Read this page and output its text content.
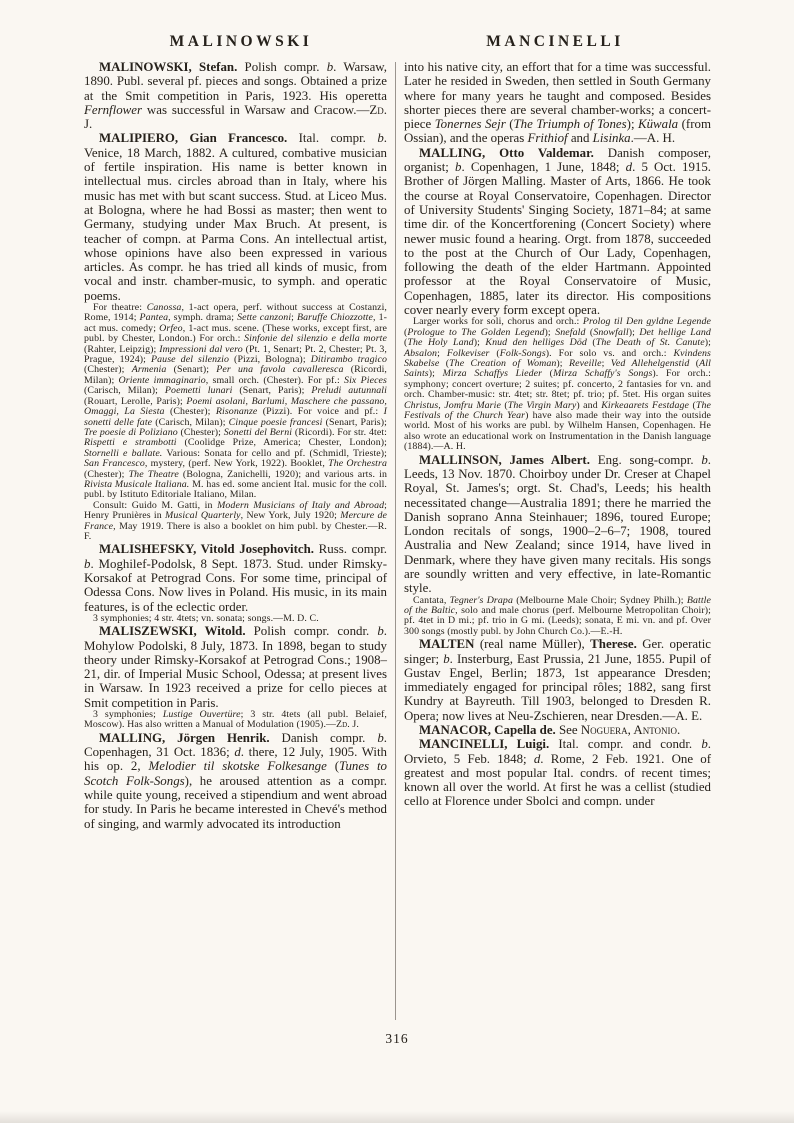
MALINOWSKI	MANCINELLI

MALINOWSKI, Stefan. Polish compr. b. Warsaw, 1890. Publ. several pf. pieces and songs. Obtained a prize at the Smit competition in Paris, 1923. His operetta Fernflower was successful in Warsaw and Cracow.—Zd. J.

MALIPIERO, Gian Francesco. Ital. compr. b. Venice, 18 March, 1882. A cultured, combative musician of fertile inspiration. His name is better known in intellectual mus. circles abroad than in Italy, where his music has met with but scant success. Stud. at Liceo Mus. at Bologna, where he had Bossi as master; then went to Germany, studying under Max Bruch. At present, is teacher of compn. at Parma Cons. An intellectual artist, whose opinions have also been expressed in various articles. As compr. he has tried all kinds of music, from vocal and instr. chamber-music, to symph. and operatic poems.

For theatre: Canossa, 1-act opera, perf. without success at Costanzi, Rome, 1914; Pantea, symph. drama; Sette canzoni; Baruffe Chiozzotte, 1-act mus. comedy; Orfeo, 1-act mus. scene. (These works, except first, are publ. by Chester, London.) For orch.: Sinfonie del silenzio e della morte (Rahter, Leipzig); Impressioni dal vero (Pt. 1, Senart; Pt. 2, Chester; Pt. 3, Prague, 1924); Pause del silenzio (Pizzi, Bologna); Ditirambo tragico (Chester); Armenia (Senart); Per una favola cavalleresca (Ricordi, Milan); Oriente immaginario, small orch. (Chester). For pf.: Six Pieces (Carisch, Milan); Poemetti lunari (Senart, Paris); Preludi autunnali (Rouart, Lerolle, Paris); Poemi asolani, Barlumi, Maschere che passano, Omaggi, La Siesta (Chester); Risonanze (Pizzi). For voice and pf.: I sonetti delle fate (Carisch, Milan); Cinque poesie francesi (Senart, Paris); Tre poesie di Poliziano (Chester); Sonetti del Berni (Ricordi). For str. 4tet: Rispetti e strambotti (Coolidge Prize, America; Chester, London); Stornelli e ballate. Various: Sonata for cello and pf. (Schmidl, Trieste); San Francesco, mystery, (perf. New York, 1922). Booklet, The Orchestra (Chester); The Theatre (Bologna, Zanichelli, 1920); and various arts. in Rivista Musicale Italiana. M. has ed. some ancient Ital. music for the coll. publ. by Istituto Editoriale Italiano, Milan.

Consult: Guido M. Gatti, in Modern Musicians of Italy and Abroad; Henry Prunières in Musical Quarterly, New York, July 1920; Mercure de France, May 1919. There is also a booklet on him publ. by Chester.—R. F.

MALISHEFSKY, Vitold Josephovitch. Russ. compr. b. Moghilef-Podolsk, 8 Sept. 1873. Stud. under Rimsky-Korsakof at Petrograd Cons. For some time, principal of Odessa Cons. Now lives in Poland. His music, in its main features, is of the eclectic order.

3 symphonies; 4 str. 4tets; vn. sonata; songs.—M. D. C.

MALISZEWSKI, Witold. Polish compr. condr. b. Mohylow Podolski, 8 July, 1873. In 1898, began to study theory under Rimsky-Korsakof at Petrograd Cons.; 1908–21, dir. of Imperial Music School, Odessa; at present lives in Warsaw. In 1923 received a prize for cello pieces at Smit competition in Paris.

3 symphonies; Lustige Ouvertüre; 3 str. 4tets (all publ. Belaief, Moscow). Has also written a Manual of Modulation (1905).—Zd. J.

MALLING, Jörgen Henrik. Danish compr. b. Copenhagen, 31 Oct. 1836; d. there, 12 July, 1905. With his op. 2, Melodier til skotske Folkesange (Tunes to Scotch Folk-Songs), he aroused attention as a compr. while quite young, received a stipendium and went abroad for study. In Paris he became interested in Chevé's method of singing, and warmly advocated its introduction

into his native city, an effort that for a time was successful. Later he resided in Sweden, then settled in South Germany where for many years he taught and composed. Besides shorter pieces there are several chamber-works; a concert-piece Tonernes Sejr (The Triumph of Tones); Küwala (from Ossian), and the operas Frithiof and Lisinka.—A. H.

MALLING, Otto Valdemar. Danish composer, organist; b. Copenhagen, 1 June, 1848; d. 5 Oct. 1915. Brother of Jörgen Malling. Master of Arts, 1866. He took the course at Royal Conservatoire, Copenhagen. Director of University Students' Singing Society, 1871–84; at same time dir. of the Koncertforening (Concert Society) where newer music found a hearing. Orgt. from 1878, succeeded to the post at the Church of Our Lady, Copenhagen, following the death of the elder Hartmann. Appointed professor at the Royal Conservatoire of Music, Copenhagen, 1885, later its director. His compositions cover nearly every form except opera.

Larger works for soli, chorus and orch.: Prolog til Den gyldne Legende (Prologue to The Golden Legend); Snefald (Snowfall); Det hellige Land (The Holy Land); Knud den helliges Död (The Death of St. Canute); Absalon; Folkeviser (Folk-Songs). For solo vs. and orch.: Kvindens Skabelse (The Creation of Woman); Reveille; Ved Allehelgenstid (All Saints); Mirza Schaffys Lieder (Mirza Schaffy's Songs). For orch.: symphony; concert overture; 2 suites; pf. concerto, 2 fantasies for vn. and orch. Chamber-music: str. 4tet; str. 8tet; pf. trio; pf. 5tet. His organ suites Christus, Jomfru Marie (The Virgin Mary) and Kirkeaarets Festdage (The Festivals of the Church Year) have also made their way into the outside world. Most of his works are publ. by Wilhelm Hansen, Copenhagen. He also wrote an educational work on Instrumentation in the Danish language (1884).—A. H.

MALLINSON, James Albert. Eng. song-compr. b. Leeds, 13 Nov. 1870. Choirboy under Dr. Creser at Chapel Royal, St. James's; orgt. St. Chad's, Leeds; his health necessitated change—Australia 1891; there he married the Danish soprano Anna Steinhauer; 1896, toured Europe; London recitals of songs, 1900–2–6–7; 1908, toured Australia and New Zealand; since 1914, have lived in Denmark, where they have given many recitals. His songs are soundly written and very effective, in late-Romantic style.

Cantata, Tegner's Drapa (Melbourne Male Choir; Sydney Philh.); Battle of the Baltic, solo and male chorus (perf. Melbourne Metropolitan Choir); pf. 4tet in D mi.; pf. trio in G mi. (Leeds); sonata, E mi. vn. and pf. Over 300 songs (mostly publ. by John Church Co.).—E.-H.

MALTEN (real name Müller), Therese. Ger. operatic singer; b. Insterburg, East Prussia, 21 June, 1855. Pupil of Gustav Engel, Berlin; 1873, 1st appearance Dresden; immediately engaged for principal rôles; 1882, sang first Kundry at Bayreuth. Till 1903, belonged to Dresden R. Opera; now lives at Neu-Zschieren, near Dresden.—A. E.

MANACOR, Capella de. See Noguera, Antonio.

MANCINELLI, Luigi. Ital. compr. and condr. b. Orvieto, 5 Feb. 1848; d. Rome, 2 Feb. 1921. One of greatest and most popular Ital. condrs. of recent times; known all over the world. At first he was a cellist (studied cello at Florence under Sbolci and compn. under

316
